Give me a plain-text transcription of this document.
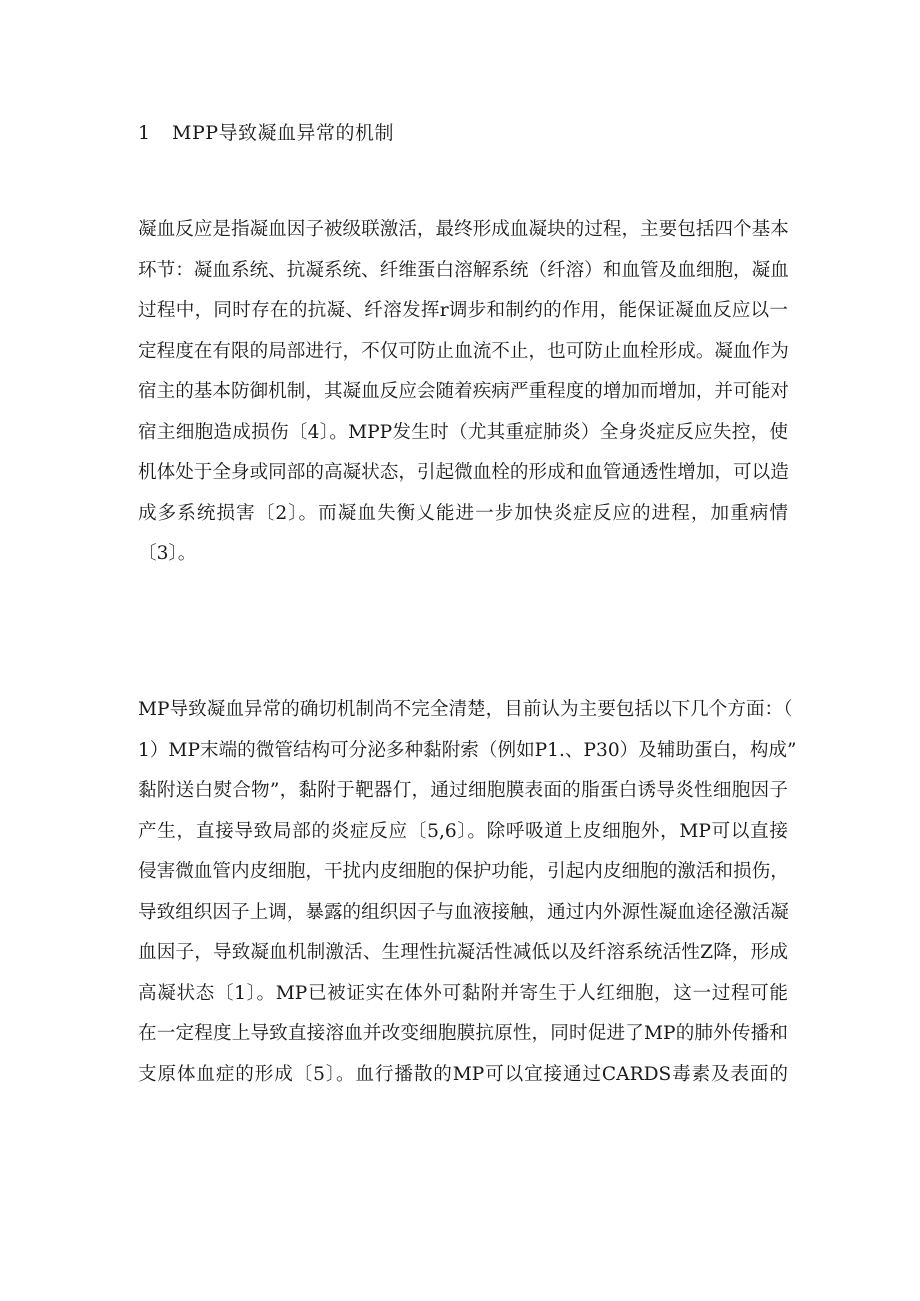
1 MPP导致凝血异常的机制
凝血反应是指凝血因子被级联激活，最终形成血凝块的过程，主要包括四个基本
环节：凝血系统、抗凝系统、纤维蛋白溶解系统（纤溶）和血管及血细胞，凝血
过程中，同时存在的抗凝、纤溶发挥r调步和制约的作用，能保证凝血反应以一
定程度在有限的局部进行，不仅可防止血流不止，也可防止血栓形成。凝血作为
宿主的基本防御机制，其凝血反应会随着疾病严重程度的增加而增加，并可能对
宿主细胞造成损伤〔4〕。MPP发生时（尤其重症肺炎）全身炎症反应失控，使
机体处于全身或同部的高凝状态，引起微血栓的形成和血管通透性增加，可以造
成多系统损害〔2〕。而凝血失衡乂能进一步加快炎症反应的进程，加重病情
〔3〕。
MP导致凝血异常的确切机制尚不完全清楚，目前认为主要包括以下几个方面：（
1）MP末端的微管结构可分泌多种黏附索（例如P1.、P30）及辅助蛋白，构成”
黏附送白熨合物”，黏附于靶器仃，通过细胞膜表面的脂蛋白诱导炎性细胞因子
产生，直接导致局部的炎症反应〔5,6〕。除呼吸道上皮细胞外，MP可以直接
侵害微血管内皮细胞，干扰内皮细胞的保护功能，引起内皮细胞的激活和损伤，
导致组织因子上调，暴露的组织因子与血液接触，通过内外源性凝血途径激活凝
血因子，导致凝血机制激活、生理性抗凝活性减低以及纤溶系统活性Z降，形成
高凝状态〔1〕。MP已被证实在体外可黏附并寄生于人红细胞，这一过程可能
在一定程度上导致直接溶血并改变细胞膜抗原性，同时促进了MP的肺外传播和
支原体血症的形成〔5〕。血行播散的MP可以宜接通过CARDS毒素及表面的
